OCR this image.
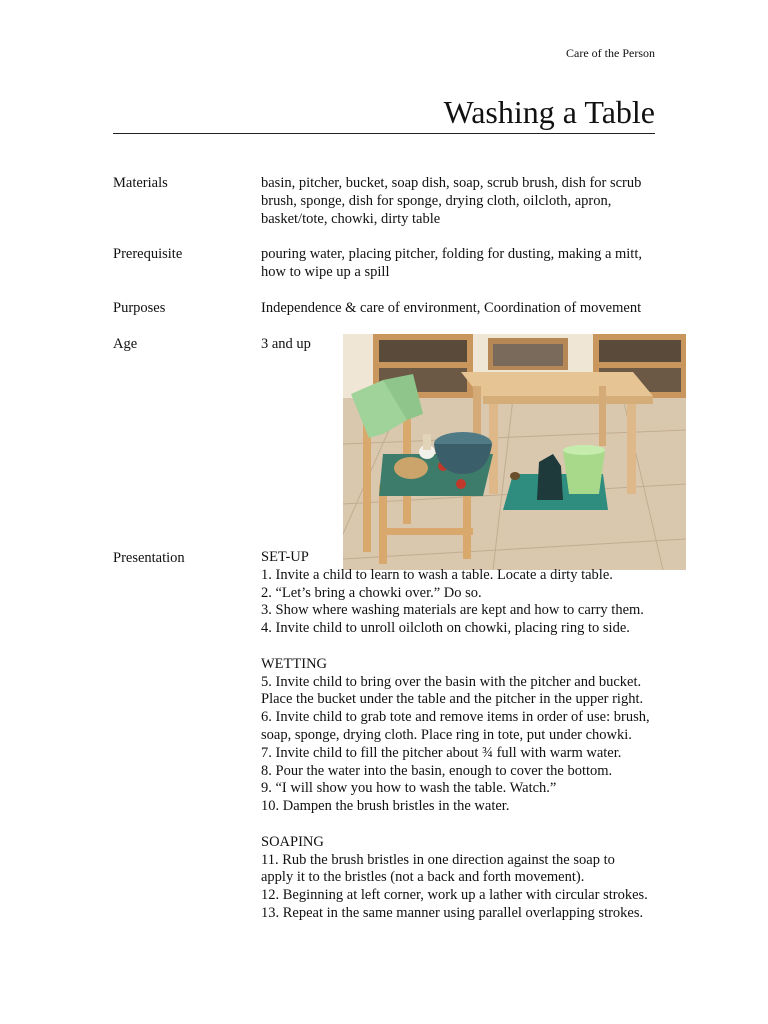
Care of the Person
Washing a Table
Materials	basin, pitcher, bucket, soap dish, soap, scrub brush, dish for scrub
brush, sponge, dish for sponge, drying cloth, oilcloth, apron,
basket/tote, chowki, dirty table
Prerequisite	pouring water, placing pitcher, folding for dusting, making a mitt,
how to wipe up a spill
Purposes	Independence & care of environment, Coordination of movement
Age	3 and up
Presentation	SET-UP
1. Invite a child to learn to wash a table. Locate a dirty table.
2. “Let’s bring a chowki over.” Do so.
3. Show where washing materials are kept and how to carry them.
4. Invite child to unroll oilcloth on chowki, placing ring to side.
WETTING
5. Invite child to bring over the basin with the pitcher and bucket.
Place the bucket under the table and the pitcher in the upper right.
6. Invite child to grab tote and remove items in order of use: brush,
soap, sponge, drying cloth. Place ring in tote, put under chowki.
7. Invite child to fill the pitcher about ¾ full with warm water.
8. Pour the water into the basin, enough to cover the bottom.
9. “I will show you how to wash the table. Watch.”
10. Dampen the brush bristles in the water.
SOAPING
11. Rub the brush bristles in one direction against the soap to
apply it to the bristles (not a back and forth movement).
12. Beginning at left corner, work up a lather with circular strokes.
13. Repeat in the same manner using parallel overlapping strokes.
